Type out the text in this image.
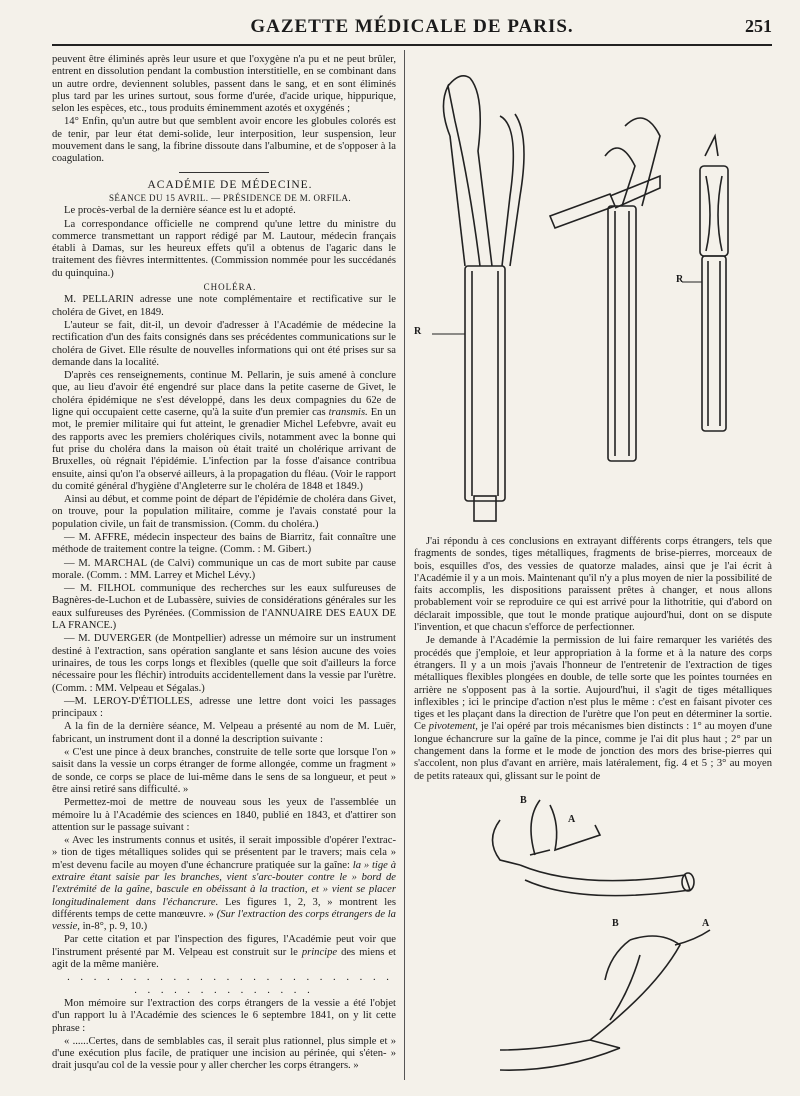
GAZETTE MÉDICALE DE PARIS.	251

peuvent être éliminés après leur usure et que l'oxygène n'a pu et ne peut brûler, entrent en dissolution pendant la combustion interstitielle, en se combinant dans un autre ordre, deviennent solubles, passent dans le sang, et en sont éliminés plus tard par les urines surtout, sous forme d'urée, d'acide urique, hippurique, selon les espèces, etc., tous produits éminemment azotés et oxygénés ;

14° Enfin, qu'un autre but que semblent avoir encore les globules colorés est de tenir, par leur état demi-solide, leur interposition, leur suspension, leur mouvement dans le sang, la fibrine dissoute dans l'albumine, et de s'opposer à la coagulation.

ACADÉMIE DE MÉDECINE.

SÉANCE DU 15 AVRIL. — PRÉSIDENCE DE M. ORFILA.

Le procès-verbal de la dernière séance est lu et adopté.

La correspondance officielle ne comprend qu'une lettre du ministre du commerce transmettant un rapport rédigé par M. Lautour, médecin français établi à Damas, sur les heureux effets qu'il a obtenus de l'agaric dans le traitement des fièvres intermittentes. (Commission nommée pour les succédanés du quinquina.)

CHOLÉRA.

M. PELLARIN adresse une note complémentaire et rectificative sur le choléra de Givet, en 1849.

L'auteur se fait, dit-il, un devoir d'adresser à l'Académie de médecine la rectification d'un des faits consignés dans ses précédentes communications sur le choléra de Givet. Elle résulte de nouvelles informations qui ont été prises sur sa demande dans la localité.

D'après ces renseignements, continue M. Pellarin, je suis amené à conclure que, au lieu d'avoir été engendré sur place dans la petite caserne de Givet, le choléra épidémique ne s'est développé, dans les deux compagnies du 62e de ligne qui occupaient cette caserne, qu'à la suite d'un premier cas transmis. En un mot, le premier militaire qui fut atteint, le grenadier Michel Lefebvre, avait eu des rapports avec les premiers cholériques civils, notamment avec la bonne qui fut prise du choléra dans la maison où était traité un cholérique arrivant de Bruxelles, où régnait l'épidémie. L'infection par la fosse d'aisance contribua ensuite, ainsi qu'on l'a observé ailleurs, à la propagation du fléau. (Voir le rapport du comité général d'hygiène d'Angleterre sur le choléra de 1848 et 1849.)

Ainsi au début, et comme point de départ de l'épidémie de choléra dans Givet, on trouve, pour la population militaire, comme je l'avais constaté pour la population civile, un fait de transmission. (Comm. du choléra.)

— M. AFFRE, médecin inspecteur des bains de Biarritz, fait connaître une méthode de traitement contre la teigne. (Comm. : M. Gibert.)

— M. MARCHAL (de Calvi) communique un cas de mort subite par cause morale. (Comm. : MM. Larrey et Michel Lévy.)

— M. FILHOL communique des recherches sur les eaux sulfureuses de Bagnères-de-Luchon et de Lubassère, suivies de considérations générales sur les eaux sulfureuses des Pyrénées. (Commission de l'ANNUAIRE DES EAUX DE LA FRANCE.)

— M. DUVERGER (de Montpellier) adresse un mémoire sur un instrument destiné à l'extraction, sans opération sanglante et sans lésion aucune des voies urinaires, de tous les corps longs et flexibles (quelle que soit d'ailleurs la force nécessaire pour les fléchir) introduits accidentellement dans la vessie par l'urètre. (Comm. : MM. Velpeau et Ségalas.)

—M. LEROY-D'ÉTIOLLES, adresse une lettre dont voici les passages principaux :

A la fin de la dernière séance, M. Velpeau a présenté au nom de M. Luër, fabricant, un instrument dont il a donné la description suivante :

« C'est une pince à deux branches, construite de telle sorte que lorsque l'on » saisit dans la vessie un corps étranger de forme allongée, comme un fragment » de sonde, ce corps se place de lui-même dans le sens de sa longueur, et peut » être ainsi retiré sans difficulté. »

Permettez-moi de mettre de nouveau sous les yeux de l'assemblée un mémoire lu à l'Académie des sciences en 1840, publié en 1843, et d'attirer son attention sur le passage suivant :

« Avec les instruments connus et usités, il serait impossible d'opérer l'extrac- » tion de tiges métalliques solides qui se présentent par le travers; mais cela » m'est devenu facile au moyen d'une échancrure pratiquée sur la gaîne: la » tige à extraire étant saisie par les branches, vient s'arc-bouter contre le » bord de l'extrémité de la gaîne, bascule en obéissant à la traction, et » vient se placer longitudinalement dans l'échancrure. Les figures 1, 2, 3, » montrent les différents temps de cette manœuvre. » (Sur l'extraction des corps étrangers de la vessie, in-8°, p. 9, 10.)

Par cette citation et par l'inspection des figures, l'Académie peut voir que l'instrument présenté par M. Velpeau est construit sur le principe des miens et agit de la même manière.

. . . . . . . . . . . . . . . . . . . . . . . . . . . . . . . . . . . . . . .

Mon mémoire sur l'extraction des corps étrangers de la vessie a été l'objet d'un rapport lu à l'Académie des sciences le 6 septembre 1841, on y lit cette phrase :

« ......Certes, dans de semblables cas, il serait plus rationnel, plus simple et » d'une exécution plus facile, de pratiquer une incision au périnée, qui s'éten- » drait jusqu'au col de la vessie pour y aller chercher les corps étrangers. »

R
R

J'ai répondu à ces conclusions en extrayant différents corps étrangers, tels que fragments de sondes, tiges métalliques, fragments de brise-pierres, morceaux de bois, esquilles d'os, des vessies de quatorze malades, ainsi que je l'ai écrit à l'Académie il y a un mois. Maintenant qu'il n'y a plus moyen de nier la possibilité de faits accomplis, les dispositions paraissent prêtes à changer, et nous allons probablement voir se reproduire ce qui est arrivé pour la lithotritie, qui d'abord on déclarait impossible, que tout le monde pratique aujourd'hui, dont on se dispute l'invention, et que chacun s'efforce de perfectionner.

Je demande à l'Académie la permission de lui faire remarquer les variétés des procédés que j'emploie, et leur appropriation à la forme et à la nature des corps étrangers. Il y a un mois j'avais l'honneur de l'entretenir de l'extraction de tiges métalliques flexibles plongées en double, de telle sorte que les pointes tournées en arrière ne s'opposent pas à la sortie. Aujourd'hui, il s'agit de tiges métalliques inflexibles ; ici le principe d'action n'est plus le même : c'est en faisant pivoter ces tiges et les plaçant dans la direction de l'urètre que l'on peut en déterminer la sortie. Ce pivotement, je l'ai opéré par trois mécanismes bien distincts : 1° au moyen d'une longue échancrure sur la gaîne de la pince, comme je l'ai dit plus haut ; 2° par un changement dans la forme et le mode de jonction des mors des brise-pierres qui s'accolent, non plus d'avant en arrière, mais latéralement, fig. 4 et 5 ; 3° au moyen de petits rateaux qui, glissant sur le point de

B
A
B	A
